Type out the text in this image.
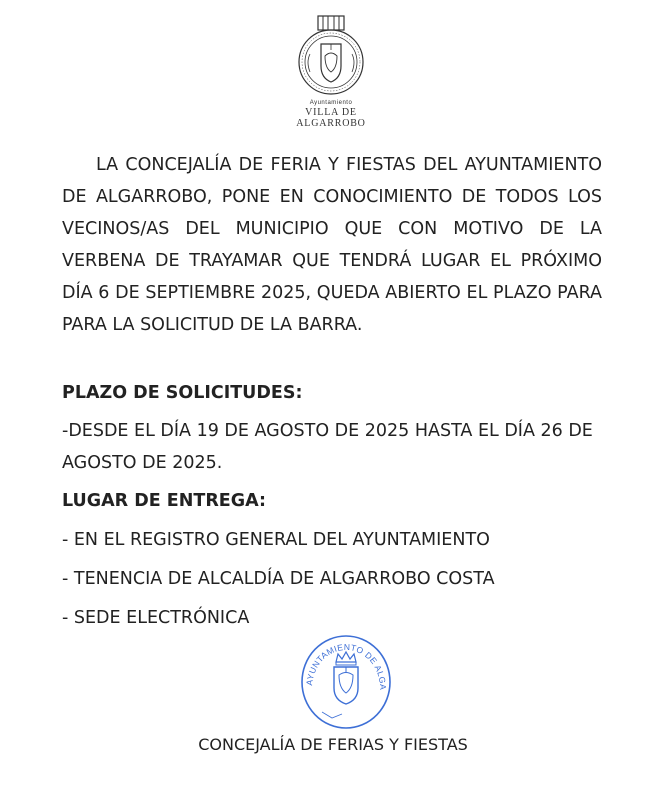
Ayuntamiento
VILLA DE
ALGARROBO
LA CONCEJALÍA DE FERIA Y FIESTAS DEL AYUNTAMIENTO DE ALGARROBO, PONE EN CONOCIMIENTO DE TODOS LOS VECINOS/AS DEL MUNICIPIO QUE CON MOTIVO DE LA VERBENA DE TRAYAMAR QUE TENDRÁ LUGAR EL PRÓXIMO DÍA 6 DE SEPTIEMBRE 2025, QUEDA ABIERTO EL PLAZO PARA PARA LA SOLICITUD DE LA BARRA.
PLAZO DE SOLICITUDES:
-DESDE EL DÍA 19 DE AGOSTO DE 2025 HASTA EL DÍA 26 DE AGOSTO DE 2025.
LUGAR DE ENTREGA:
- EN EL REGISTRO GENERAL DEL AYUNTAMIENTO
- TENENCIA DE ALCALDÍA DE ALGARROBO COSTA
- SEDE ELECTRÓNICA
AYUNTAMIENTO DE ALGA
CONCEJALÍA DE FERIAS Y FIESTAS
